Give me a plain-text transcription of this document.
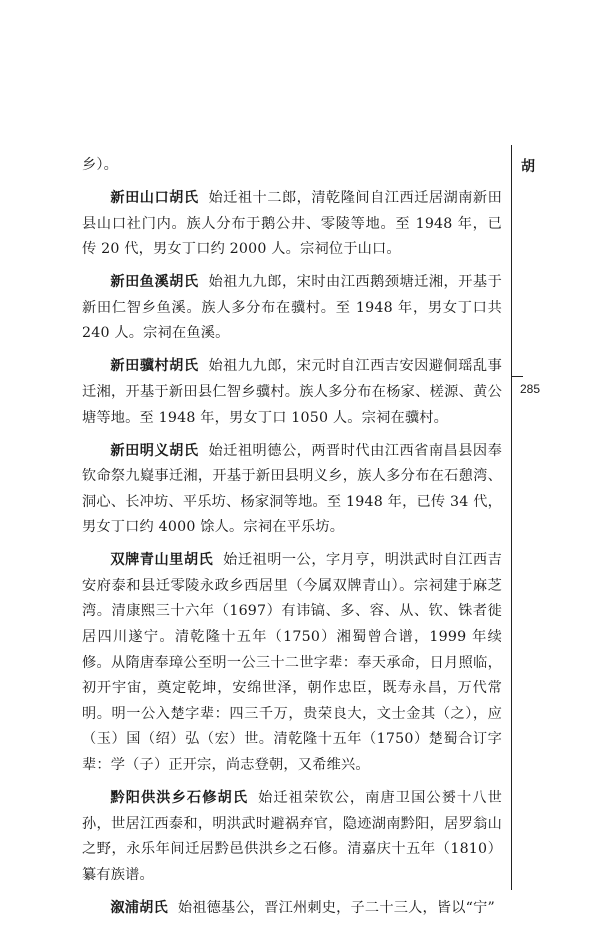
胡
285

乡）。

新田山口胡氏 始迁祖十二郎，清乾隆间自江西迁居湖南新田县山口社门内。族人分布于鹅公井、零陵等地。至 1948 年，已传 20 代，男女丁口约 2000 人。宗祠位于山口。

新田鱼溪胡氏 始祖九九郎，宋时由江西鹅颈塘迁湘，开基于新田仁智乡鱼溪。族人多分布在骥村。至 1948 年，男女丁口共 240 人。宗祠在鱼溪。

新田骥村胡氏 始祖九九郎，宋元时自江西吉安因避侗瑶乱事迁湘，开基于新田县仁智乡骥村。族人多分布在杨家、槎源、黄公塘等地。至 1948 年，男女丁口 1050 人。宗祠在骥村。

新田明义胡氏 始迁祖明德公，两晋时代由江西省南昌县因奉钦命祭九嶷事迁湘，开基于新田县明义乡，族人多分布在石憩湾、洞心、长冲坊、平乐坊、杨家洞等地。至 1948 年，已传 34 代，男女丁口约 4000 馀人。宗祠在平乐坊。

双牌青山里胡氏 始迁祖明一公，字月亨，明洪武时自江西吉安府泰和县迁零陵永政乡西居里（今属双牌青山）。宗祠建于麻芝湾。清康熙三十六年（1697）有讳镐、多、容、从、钦、铢者徙居四川遂宁。清乾隆十五年（1750）湘蜀曾合谱，1999 年续修。从隋唐奉璋公至明一公三十二世字辈：奉天承命，日月照临，初开宇宙，奠定乾坤，安绵世泽，朝作忠臣，既寿永昌，万代常明。明一公入楚字辈：四三千万，贵荣良大，文士金其（之），应（玉）国（绍）弘（宏）世。清乾隆十五年（1750）楚蜀合订字辈：学（子）正开宗，尚志登朝，又希维兴。

黔阳供洪乡石修胡氏 始迁祖荣钦公，南唐卫国公赟十八世孙，世居江西泰和，明洪武时避祸弃官，隐迹湖南黔阳，居罗翁山之野，永乐年间迁居黔邑供洪乡之石修。清嘉庆十五年（1810）纂有族谱。

溆浦胡氏 始祖德基公，晋江州刺史，子二十三人，皆以“宁”
